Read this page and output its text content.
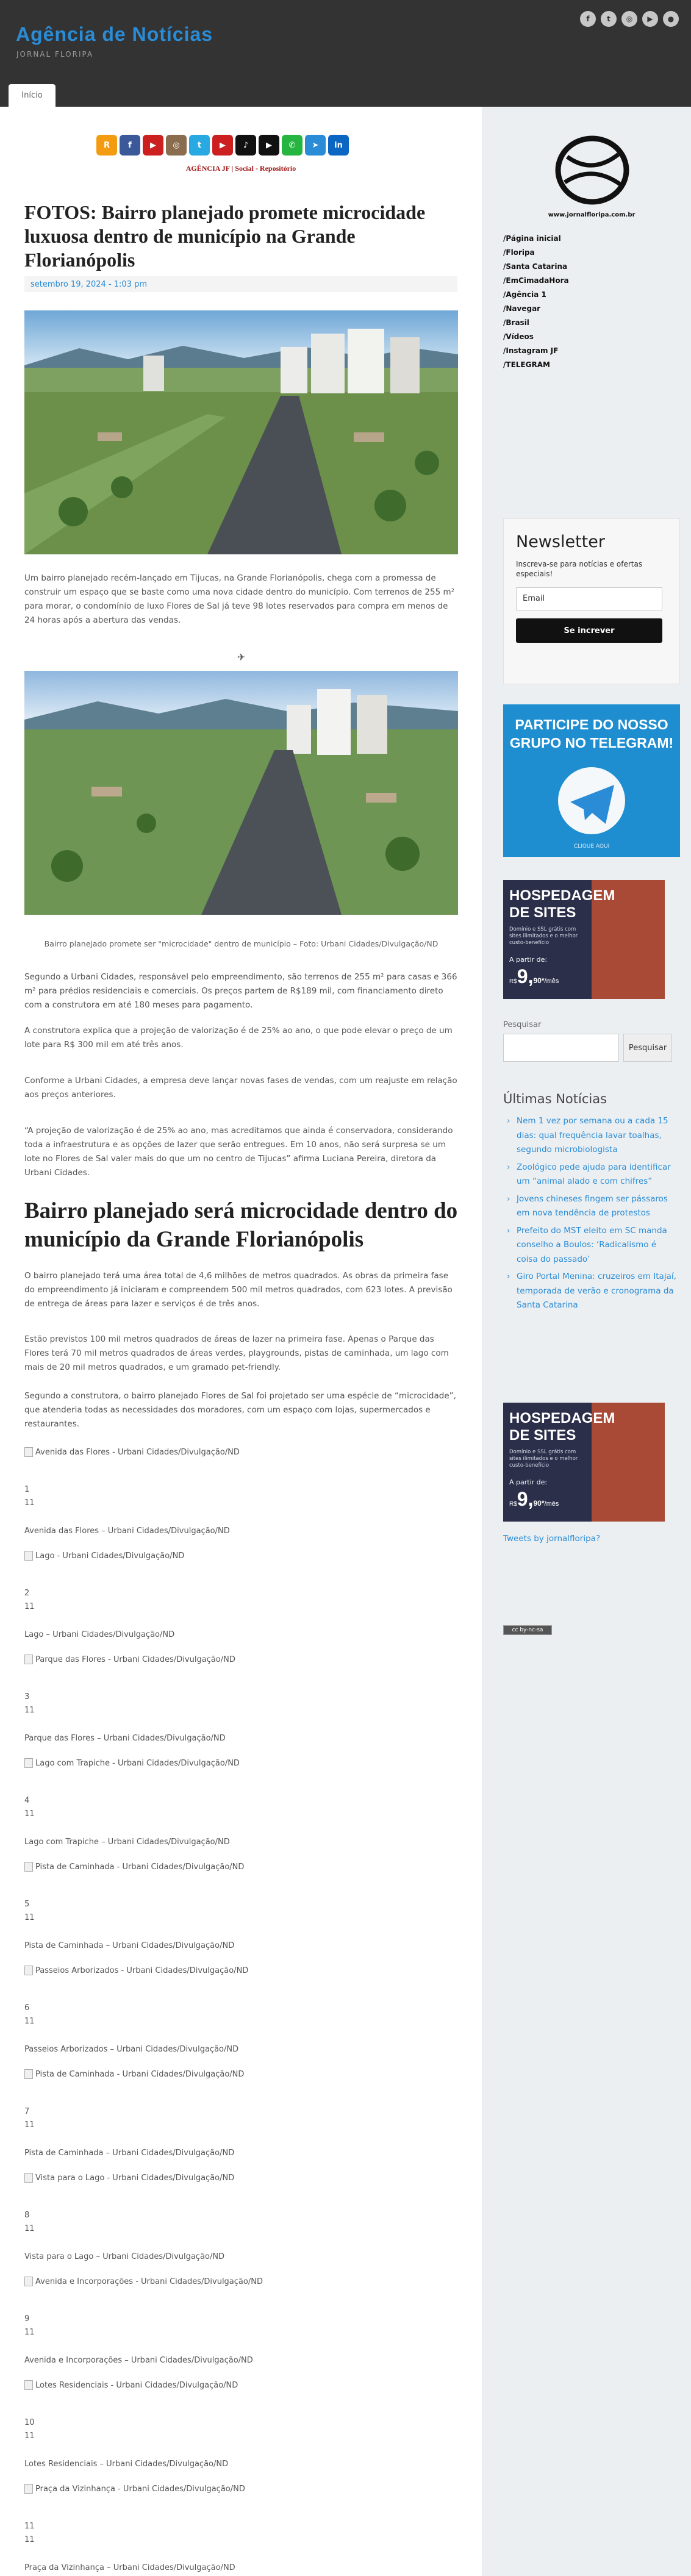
Agência de Notícias
JORNAL FLORIPA
f	t	◎	▶	●
Início
R	f	▶	◎	t	▶	♪	▶	✆	➤	in
AGÊNCIA JF | Social - Repositório
FOTOS: Bairro planejado promete microcidade luxuosa dentro de município na Grande Florianópolis
setembro 19, 2024 - 1:03 pm

Um bairro planejado recém-lançado em Tijucas, na Grande Florianópolis, chega com a promessa de construir um espaço que se baste como uma nova cidade dentro do município. Com terrenos de 255 m² para morar, o condomínio de luxo Flores de Sal já teve 98 lotes reservados para compra em menos de 24 horas após a abertura das vendas.

✈
Bairro planejado promete ser "microcidade" dentro de município – Foto: Urbani Cidades/Divulgação/ND

Segundo a Urbani Cidades, responsável pelo empreendimento, são terrenos de 255 m² para casas e 366 m² para prédios residenciais e comerciais. Os preços partem de R$189 mil, com financiamento direto com a construtora em até 180 meses para pagamento.

A construtora explica que a projeção de valorização é de 25% ao ano, o que pode elevar o preço de um lote para R$ 300 mil em até três anos.

Conforme a Urbani Cidades, a empresa deve lançar novas fases de vendas, com um reajuste em relação aos preços anteriores.

“A projeção de valorização é de 25% ao ano, mas acreditamos que ainda é conservadora, considerando toda a infraestrutura e as opções de lazer que serão entregues. Em 10 anos, não será surpresa se um lote no Flores de Sal valer mais do que um no centro de Tijucas” afirma Luciana Pereira, diretora da Urbani Cidades.

Bairro planejado será microcidade dentro do município da Grande Florianópolis

O bairro planejado terá uma área total de 4,6 milhões de metros quadrados. As obras da primeira fase do empreendimento já iniciaram e compreendem 500 mil metros quadrados, com 623 lotes. A previsão de entrega de áreas para lazer e serviços é de três anos.

Estão previstos 100 mil metros quadrados de áreas de lazer na primeira fase. Apenas o Parque das Flores terá 70 mil metros quadrados de áreas verdes, playgrounds, pistas de caminhada, um lago com mais de 20 mil metros quadrados, e um gramado pet-friendly.

Segundo a construtora, o bairro planejado Flores de Sal foi projetado ser uma espécie de “microcidade”, que atenderia todas as necessidades dos moradores, com um espaço com lojas, supermercados e restaurantes.

Avenida das Flores - Urbani Cidades/Divulgação/ND
1
11
Avenida das Flores – Urbani Cidades/Divulgação/ND
Lago - Urbani Cidades/Divulgação/ND
2
11
Lago – Urbani Cidades/Divulgação/ND
Parque das Flores - Urbani Cidades/Divulgação/ND
3
11
Parque das Flores – Urbani Cidades/Divulgação/ND
Lago com Trapiche - Urbani Cidades/Divulgação/ND
4
11
Lago com Trapiche – Urbani Cidades/Divulgação/ND
Pista de Caminhada - Urbani Cidades/Divulgação/ND
5
11
Pista de Caminhada – Urbani Cidades/Divulgação/ND
Passeios Arborizados - Urbani Cidades/Divulgação/ND
6
11
Passeios Arborizados – Urbani Cidades/Divulgação/ND
Pista de Caminhada - Urbani Cidades/Divulgação/ND
7
11
Pista de Caminhada – Urbani Cidades/Divulgação/ND
Vista para o Lago - Urbani Cidades/Divulgação/ND
8
11
Vista para o Lago – Urbani Cidades/Divulgação/ND
Avenida e Incorporações - Urbani Cidades/Divulgação/ND
9
11
Avenida e Incorporações – Urbani Cidades/Divulgação/ND
Lotes Residenciais - Urbani Cidades/Divulgação/ND
10
11
Lotes Residenciais – Urbani Cidades/Divulgação/ND
Praça da Vizinhança - Urbani Cidades/Divulgação/ND
11
11
Praça da Vizinhança – Urbani Cidades/Divulgação/ND
www.jornalfloripa.com.br
/Página inicial
/Floripa
/Santa Catarina
/EmCimadaHora
/Agência 1
/Navegar
/Brasil
/Vídeos
/Instagram JF
/TELEGRAM
Newsletter
Inscreva-se para notícias e ofertas especiais!
Email
Se increver
PARTICIPE DO NOSSO
GRUPO NO TELEGRAM!
CLIQUE AQUI
HOSPEDAGEM
DE SITES
Domínio e SSL grátis com sites ilimitados e o melhor custo-benefício
A partir de:
R$9,90*/mês
Pesquisar
Pesquisar
Últimas Notícias
› Nem 1 vez por semana ou a cada 15 dias: qual frequência lavar toalhas, segundo microbiologista
› Zoológico pede ajuda para identificar um “animal alado e com chifres”
› Jovens chineses fingem ser pássaros em nova tendência de protestos
› Prefeito do MST eleito em SC manda conselho a Boulos: ‘Radicalismo é coisa do passado’
› Giro Portal Menina: cruzeiros em Itajaí, temporada de verão e cronograma da Santa Catarina
HOSPEDAGEM
DE SITES
Domínio e SSL grátis com sites ilimitados e o melhor custo-benefício
A partir de:
R$9,90*/mês
Tweets by jornalfloripa?
cc by-nc-sa
